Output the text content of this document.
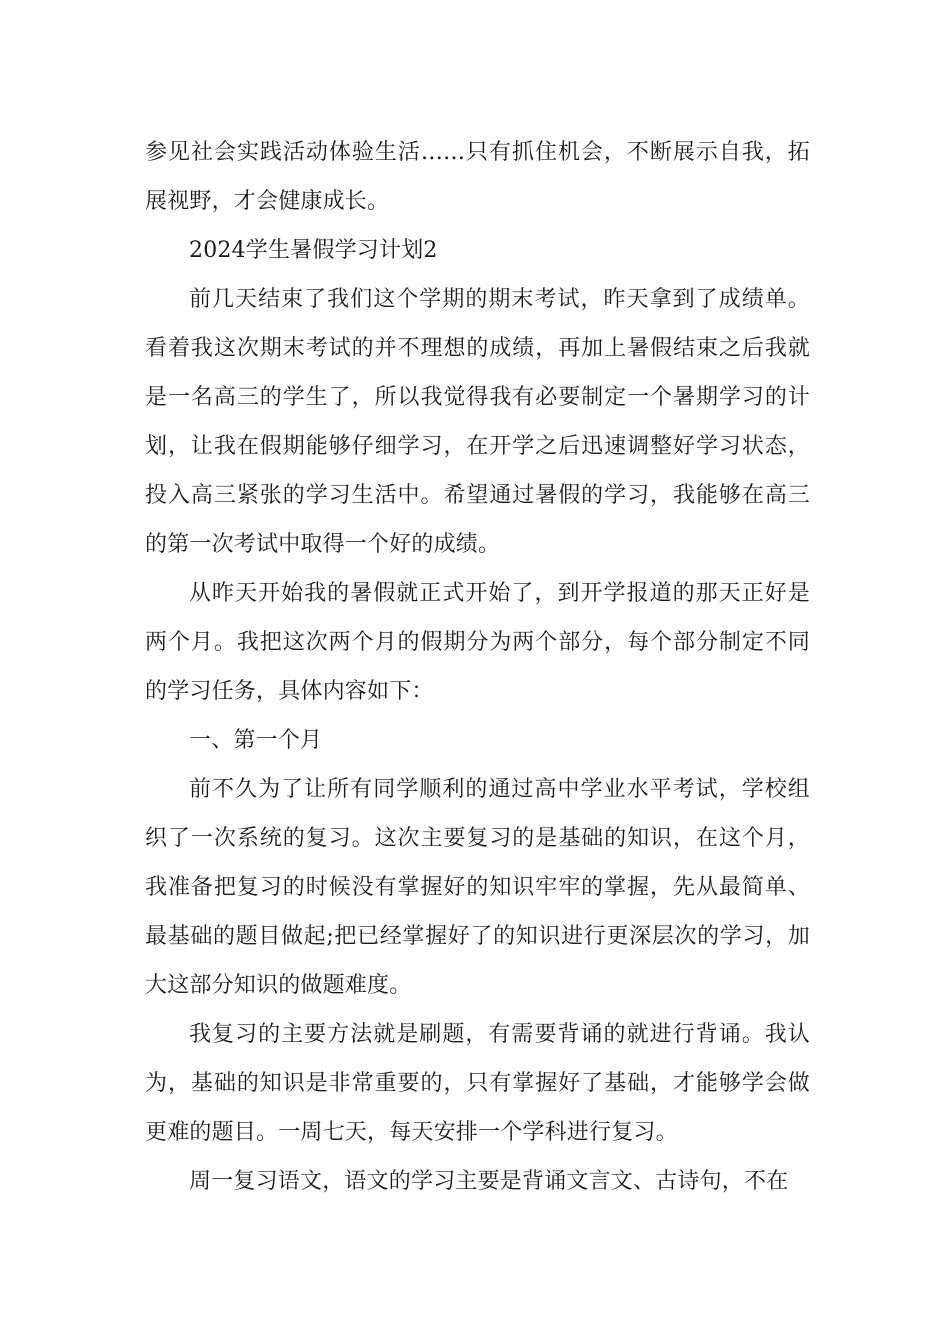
参见社会实践活动体验生活……只有抓住机会，不断展示自我，拓展视野，才会健康成长。

2024学生暑假学习计划2

前几天结束了我们这个学期的期末考试，昨天拿到了成绩单。看着我这次期末考试的并不理想的成绩，再加上暑假结束之后我就是一名高三的学生了，所以我觉得我有必要制定一个暑期学习的计划，让我在假期能够仔细学习，在开学之后迅速调整好学习状态，投入高三紧张的学习生活中。希望通过暑假的学习，我能够在高三的第一次考试中取得一个好的成绩。

从昨天开始我的暑假就正式开始了，到开学报道的那天正好是两个月。我把这次两个月的假期分为两个部分，每个部分制定不同的学习任务，具体内容如下：

一、第一个月

前不久为了让所有同学顺利的通过高中学业水平考试，学校组织了一次系统的复习。这次主要复习的是基础的知识，在这个月，我准备把复习的时候没有掌握好的知识牢牢的掌握，先从最简单、最基础的题目做起;把已经掌握好了的知识进行更深层次的学习，加大这部分知识的做题难度。

我复习的主要方法就是刷题，有需要背诵的就进行背诵。我认为，基础的知识是非常重要的，只有掌握好了基础，才能够学会做更难的题目。一周七天，每天安排一个学科进行复习。

周一复习语文，语文的学习主要是背诵文言文、古诗句，不在
